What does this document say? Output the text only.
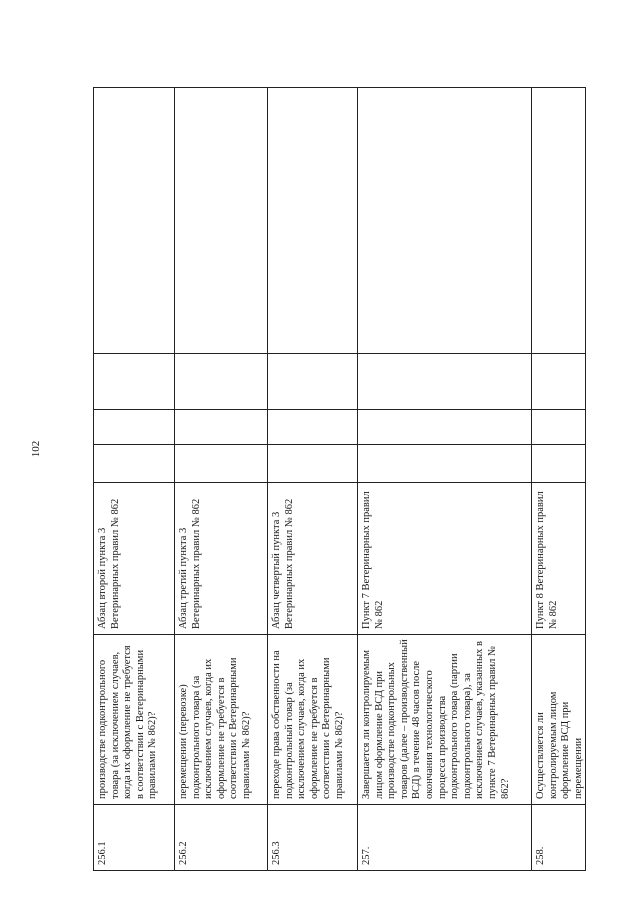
102
256.1
производстве подконтрольного товара (за исключением случаев, когда их оформление не требуется в соответствии с Ветеринарными правилами № 862)?
Абзац второй пункта 3 Ветеринарных правил № 862
256.2
перемещении (перевозке) подконтрольного товара (за исключением случаев, когда их оформление не требуется в соответствии с Ветеринарными правилами № 862)?
Абзац третий пункта 3 Ветеринарных правил № 862
256.3
переходе права собственности на подконтрольный товар (за исключением случаев, когда их оформление не требуется в соответствии с Ветеринарными правилами № 862)?
Абзац четвертый пункта 3 Ветеринарных правил № 862
257.
Завершается ли контролируемым лицом оформление ВСД при производстве подконтрольных товаров (далее – производственный ВСД) в течение 48 часов после окончания технологического процесса производства подконтрольного товара (партии подконтрольного товара), за исключением случаев, указанных в пункте 7 Ветеринарных правил № 862?
Пункт 7 Ветеринарных правил № 862
258.
Осуществляется ли контролируемым лицом оформление ВСД при перемещении
Пункт 8 Ветеринарных правил № 862
